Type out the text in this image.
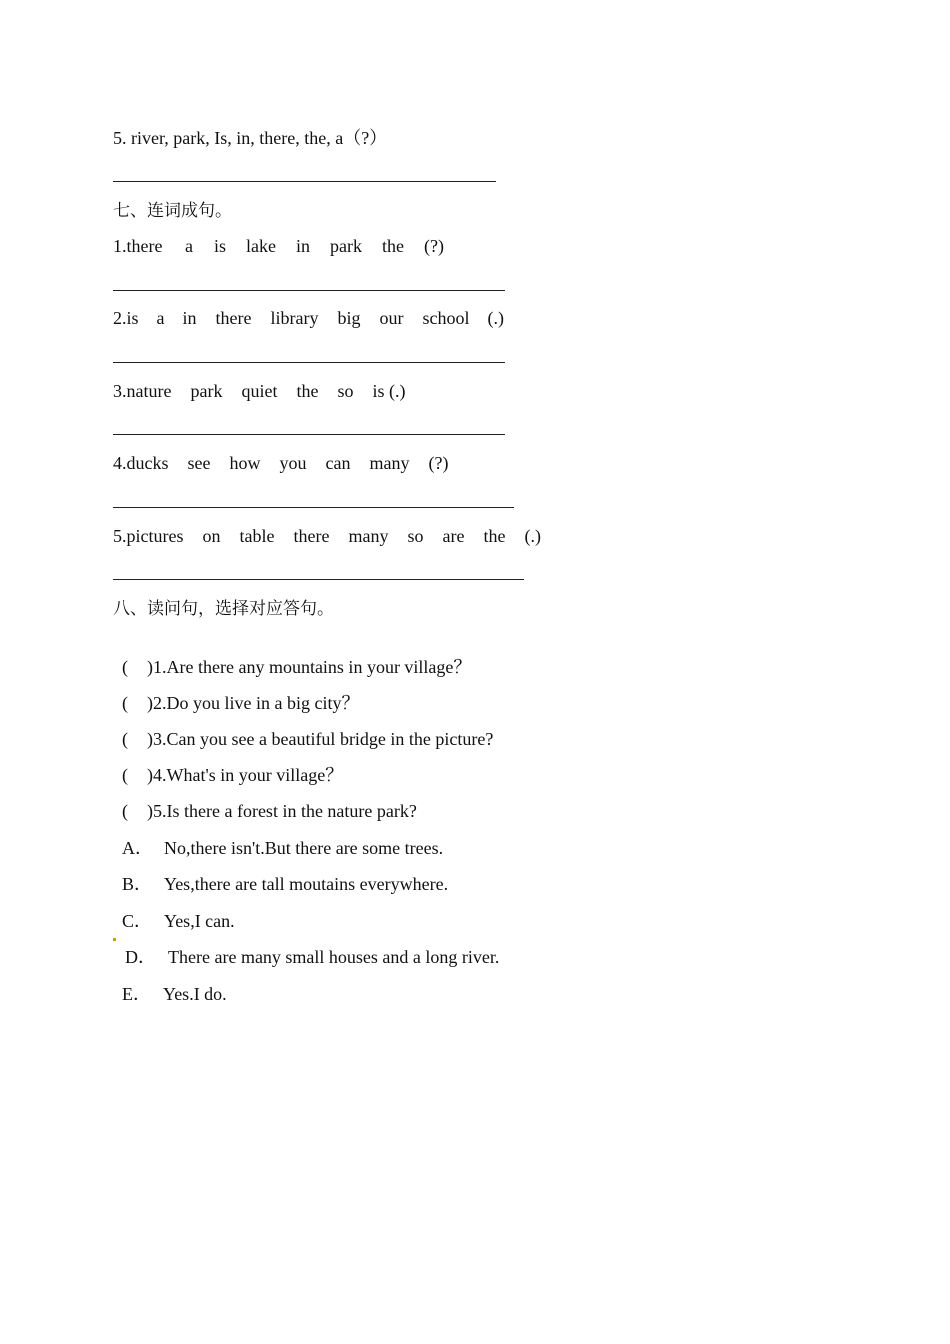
5. river, park, Is, in, there, the, a（?）
七、连词成句。
1.there a is lake in park the (?)
2.is a in there library big our school (.)
3.nature park quiet the so is (.)
4.ducks see how you can many (?)
5.pictures on table there many so are the (.)
八、读问句，选择对应答句。

( )1.Are there any mountains in your village？

( )2.Do you live in a big city？

( )3.Can you see a beautiful bridge in the picture?

( )4.What's in your village？

( )5.Is there a forest in the nature park?

A． No,there isn't.But there are some trees.

B． Yes,there are tall moutains everywhere.

C． Yes,I can.

D． There are many small houses and a long river.

E． Yes.I do.
